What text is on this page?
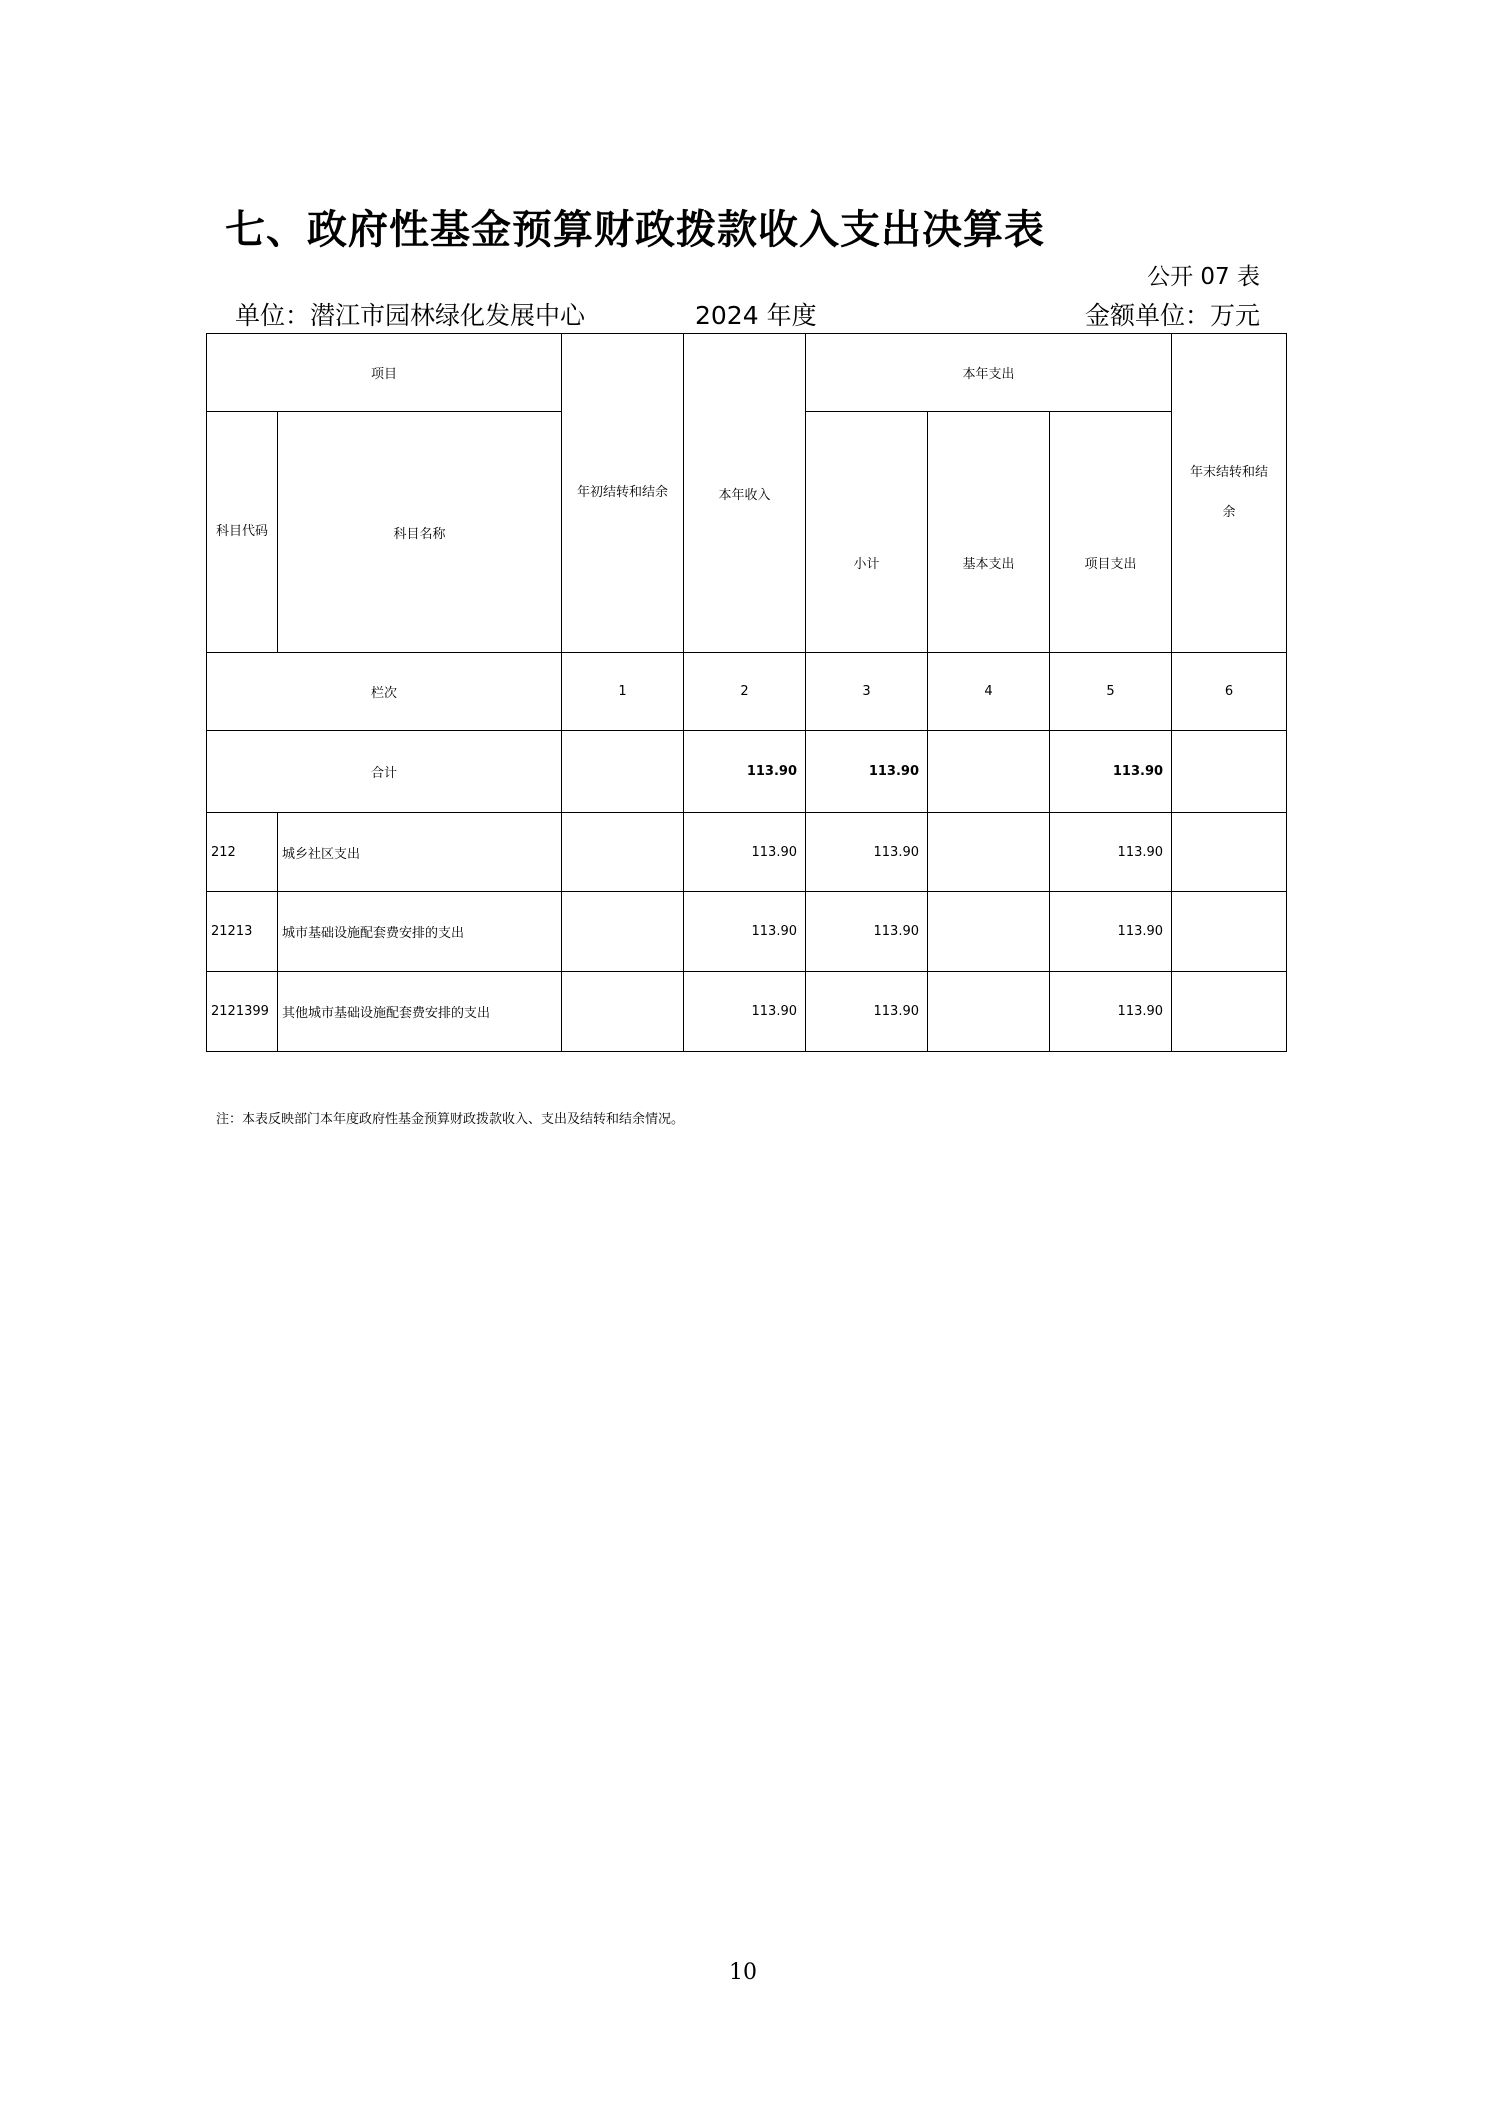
七、政府性基金预算财政拨款收入支出决算表
公开 07 表
单位：潜江市园林绿化发展中心	2024 年度	金额单位：万元
项目		年初结转和结余	本年收入	本年支出			年末结转和结余
科目代码	科目名称			小计	基本支出	项目支出	
栏次		1	2	3	4	5	6
合计			113.90	113.90		113.90	
212	城乡社区支出		113.90	113.90		113.90	
21213	城市基础设施配套费安排的支出		113.90	113.90		113.90	
2121399	其他城市基础设施配套费安排的支出		113.90	113.90		113.90	
注：本表反映部门本年度政府性基金预算财政拨款收入、支出及结转和结余情况。
10
